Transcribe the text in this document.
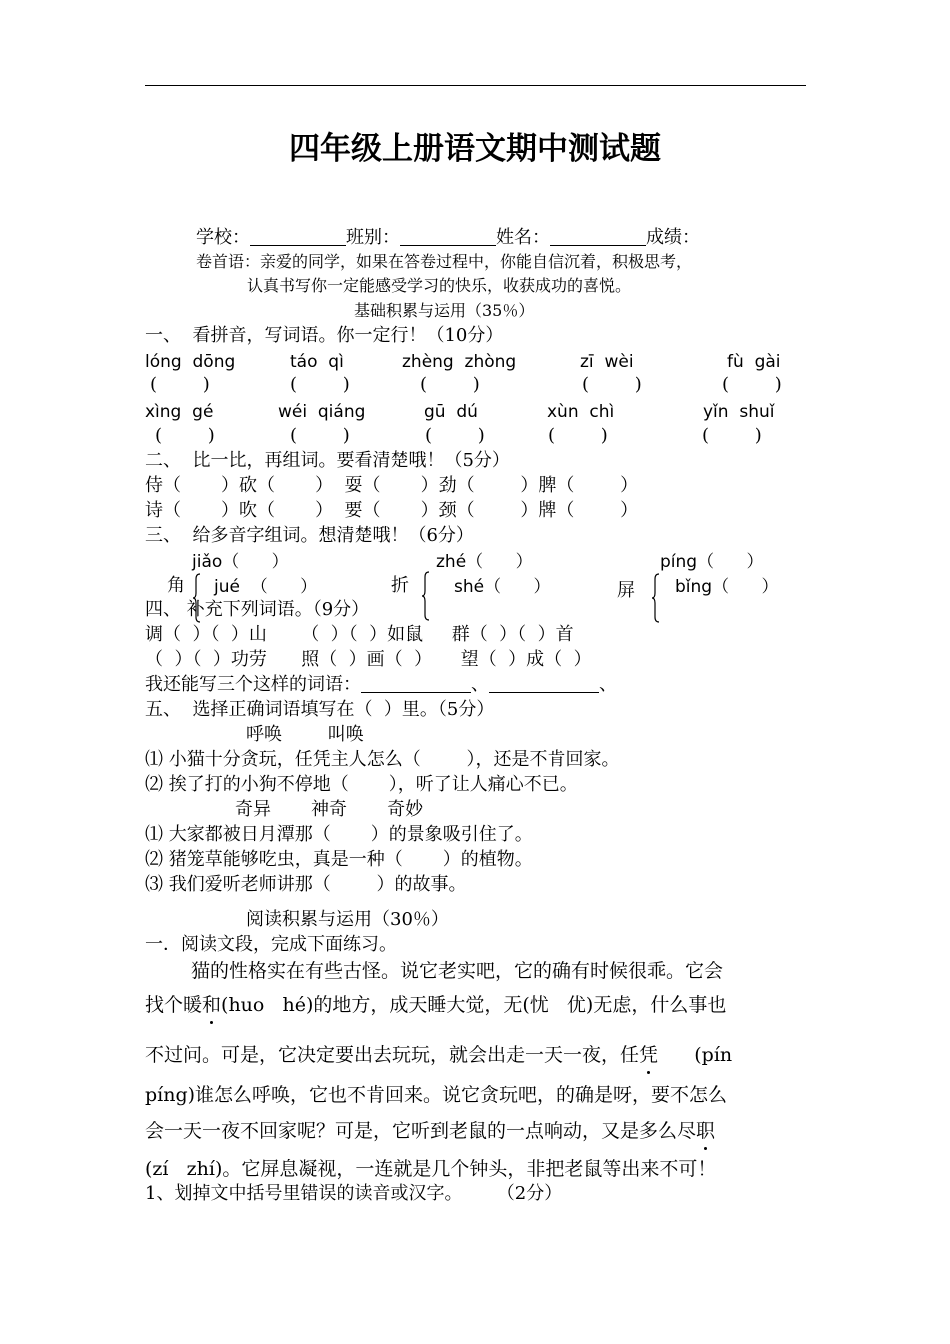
四年级上册语文期中测试题
学校：	班别：	姓名：	成绩：
卷首语：亲爱的同学，如果在答卷过程中，你能自信沉着，积极思考，
认真书写你一定能感受学习的快乐，收获成功的喜悦。
基础积累与运用（35％）
一、  看拼音，写词语。你一定行！（10分）
lóng  dōng	táo  qì	zhèng  zhòng	zī  wèi	fù  gài
(        )	(        )	(        )	(        )	(        )
xìng  gé	wéi  qiáng	gū  dú	xùn  chì	yǐn  shuǐ
(        )	(        )	(        )	(        )	(        )
二、  比一比，再组词。要看清楚哦！（5分）
侍（       ）砍（       ）  耍（       ）劲（        ）脾（        ）
诗（       ）吹（       ）  要（       ）颈（        ）牌（        ）
三、  给多音字组词。想清楚哦！（6分）
jiǎo（      ）	zhé（      ）	píng（      ）
角 jué  （      ）	折	shé（      ）	屏 bǐng（      ）
四、 补充下列词语。（9分）
调（  ）（  ）山      （  ）（  ）如鼠     群（  ）（  ）首
（  ）（  ）功劳      照（  ）画（  ）     望（  ）成（  ）
我还能写三个这样的词语：	、	、
五、  选择正确词语填写在（  ）里。（5分）
呼唤        叫唤
⑴ 小猫十分贪玩，任凭主人怎么（        ），还是不肯回家。
⑵ 挨了打的小狗不停地（       ），听了让人痛心不已。
奇异       神奇       奇妙
⑴ 大家都被日月潭那（       ）的景象吸引住了。
⑵ 猪笼草能够吃虫，真是一种（       ）的植物。
⑶ 我们爱听老师讲那（        ）的故事。
阅读积累与运用（30％）
一．阅读文段，完成下面练习。
猫的性格实在有些古怪。说它老实吧，它的确有时候很乖。它会
找个暖和(huo   hé)的地方，成天睡大觉，无(忧   优)无虑，什么事也
不过问。可是，它决定要出去玩玩，就会出走一天一夜，任凭      (pín
píng)谁怎么呼唤，它也不肯回来。说它贪玩吧，的确是呀，要不怎么
会一天一夜不回家呢？可是，它听到老鼠的一点响动，又是多么尽职
(zí   zhí)。它屏息凝视，一连就是几个钟头，非把老鼠等出来不可！
1、划掉文中括号里错误的读音或汉字。      （2分）
